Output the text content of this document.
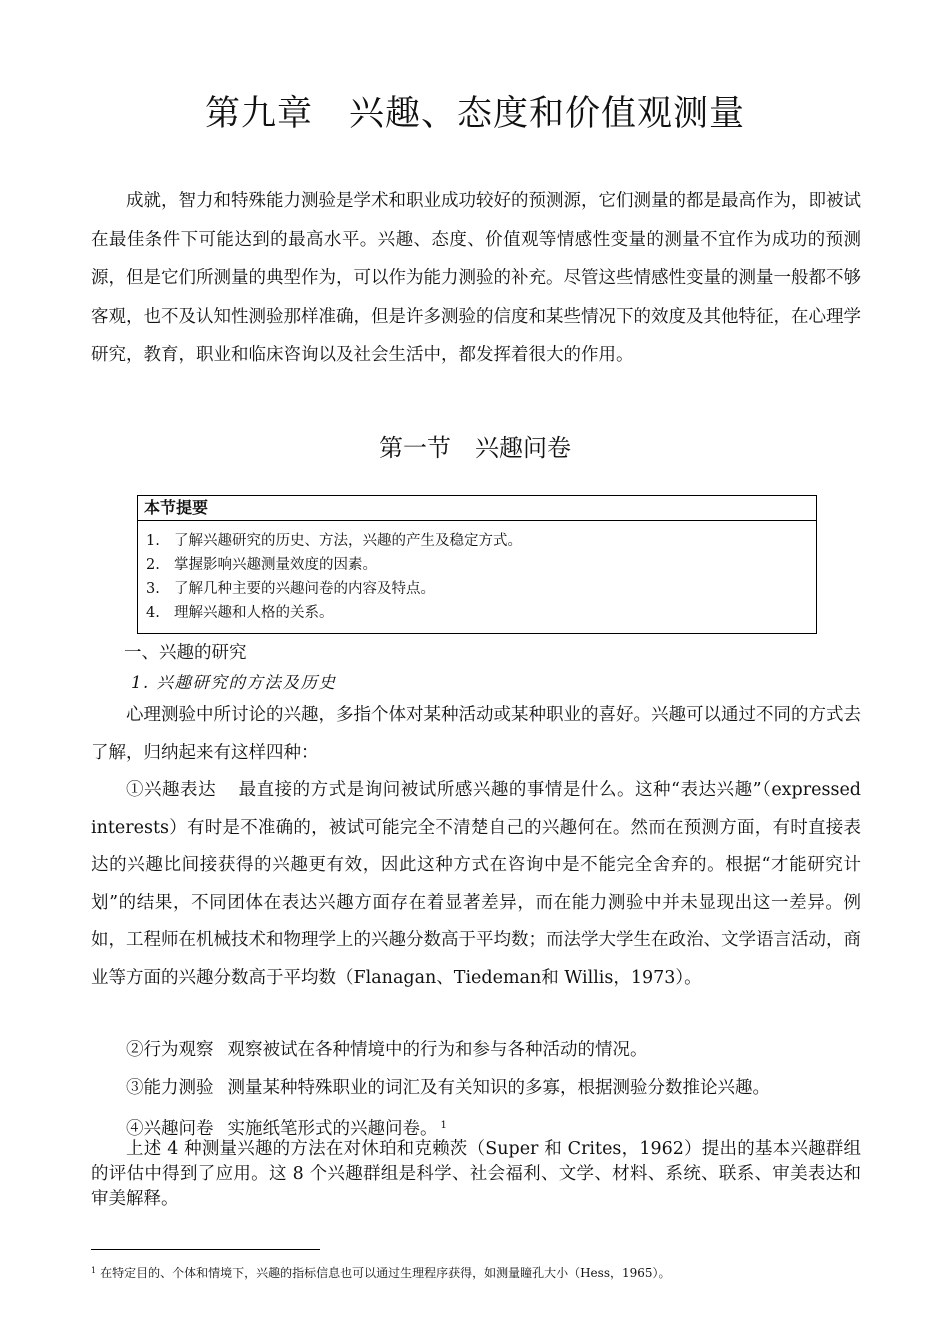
第九章　兴趣、态度和价值观测量

成就，智力和特殊能力测验是学术和职业成功较好的预测源，它们测量的都是最高作为，即被试在最佳条件下可能达到的最高水平。兴趣、态度、价值观等情感性变量的测量不宜作为成功的预测源，但是它们所测量的典型作为，可以作为能力测验的补充。尽管这些情感性变量的测量一般都不够客观，也不及认知性测验那样准确，但是许多测验的信度和某些情况下的效度及其他特征，在心理学研究，教育，职业和临床咨询以及社会生活中，都发挥着很大的作用。

第一节　兴趣问卷
本节提要
1. 了解兴趣研究的历史、方法，兴趣的产生及稳定方式。
2. 掌握影响兴趣测量效度的因素。
3. 了解几种主要的兴趣问卷的内容及特点。
4. 理解兴趣和人格的关系。
一、兴趣的研究
1. 兴趣研究的方法及历史

心理测验中所讨论的兴趣，多指个体对某种活动或某种职业的喜好。兴趣可以通过不同的方式去了解，归纳起来有这样四种：

①兴趣表达 最直接的方式是询问被试所感兴趣的事情是什么。这种“表达兴趣”（expressed interests）有时是不准确的，被试可能完全不清楚自己的兴趣何在。然而在预测方面，有时直接表达的兴趣比间接获得的兴趣更有效，因此这种方式在咨询中是不能完全舍弃的。根据“才能研究计划”的结果，不同团体在表达兴趣方面存在着显著差异，而在能力测验中并未显现出这一差异。例如，工程师在机械技术和物理学上的兴趣分数高于平均数；而法学大学生在政治、文学语言活动，商业等方面的兴趣分数高于平均数（Flanagan、Tiedeman和 Willis，1973）。

②行为观察 观察被试在各种情境中的行为和参与各种活动的情况。

③能力测验 测量某种特殊职业的词汇及有关知识的多寡，根据测验分数推论兴趣。

④兴趣问卷 实施纸笔形式的兴趣问卷。 $^1$

上述 4 种测量兴趣的方法在对休珀和克赖茨（Super 和 Crites，1962）提出的基本兴趣群组的评估中得到了应用。这 8 个兴趣群组是科学、社会福利、文学、材料、系统、联系、审美表达和审美解释。

$^1$ 在特定目的、个体和情境下，兴趣的指标信息也可以通过生理程序获得，如测量瞳孔大小（Hess，1965）。
